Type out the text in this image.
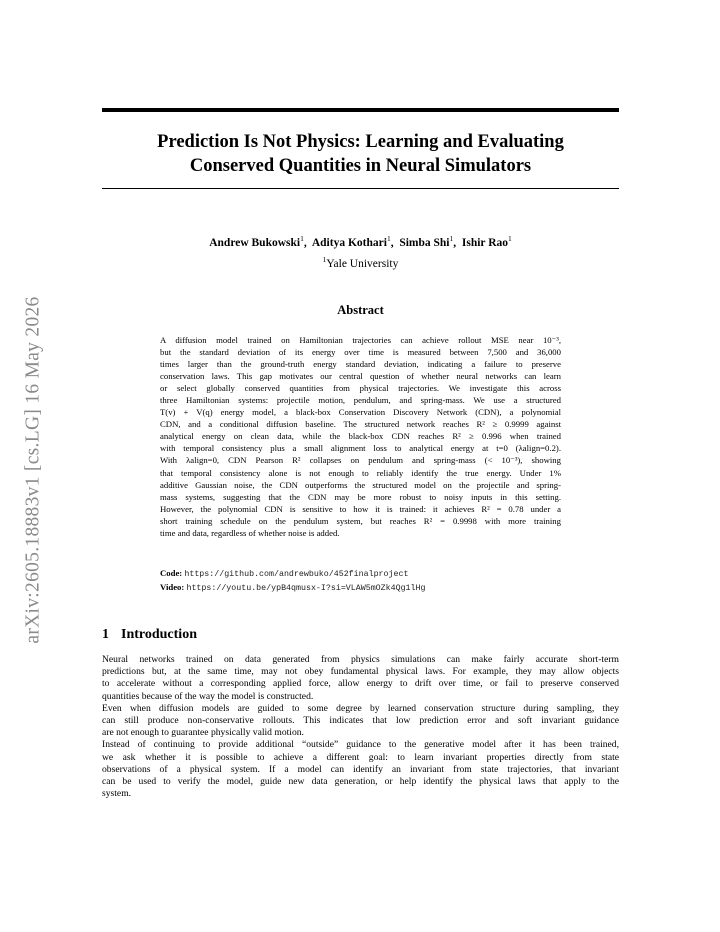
arXiv:2605.18883v1 [cs.LG] 16 May 2026
Prediction Is Not Physics: Learning and Evaluating
Conserved Quantities in Neural Simulators
Andrew Bukowski$^1$,  Aditya Kothari$^1$,  Simba Shi$^1$,  Ishir Rao$^1$
$^1$Yale University
Abstract
A diffusion model trained on Hamiltonian trajectories can achieve rollout MSE near 10⁻³,
but the standard deviation of its energy over time is measured between 7,500 and 36,000
times larger than the ground-truth energy standard deviation, indicating a failure to preserve
conservation laws. This gap motivates our central question of whether neural networks can learn
or select globally conserved quantities from physical trajectories. We investigate this across
three Hamiltonian systems: projectile motion, pendulum, and spring-mass. We use a structured
T(v) + V(q) energy model, a black-box Conservation Discovery Network (CDN), a polynomial
CDN, and a conditional diffusion baseline. The structured network reaches R² ≥ 0.9999 against
analytical energy on clean data, while the black-box CDN reaches R² ≥ 0.996 when trained
with temporal consistency plus a small alignment loss to analytical energy at t=0 (λalign=0.2).
With λalign=0, CDN Pearson R² collapses on pendulum and spring-mass (< 10⁻³), showing
that temporal consistency alone is not enough to reliably identify the true energy. Under 1%
additive Gaussian noise, the CDN outperforms the structured model on the projectile and spring-
mass systems, suggesting that the CDN may be more robust to noisy inputs in this setting.
However, the polynomial CDN is sensitive to how it is trained: it achieves R² = 0.78 under a
short training schedule on the pendulum system, but reaches R² = 0.9998 with more training
time and data, regardless of whether noise is added.
Code: https://github.com/andrewbuko/452finalproject
Video: https://youtu.be/ypB4qmusx-I?si=VLAW5mOZk4Qg1lHg
1 Introduction
Neural networks trained on data generated from physics simulations can make fairly accurate short-term
predictions but, at the same time, may not obey fundamental physical laws. For example, they may allow objects
to accelerate without a corresponding applied force, allow energy to drift over time, or fail to preserve conserved
quantities because of the way the model is constructed.
Even when diffusion models are guided to some degree by learned conservation structure during sampling, they
can still produce non-conservative rollouts. This indicates that low prediction error and soft invariant guidance
are not enough to guarantee physically valid motion.
Instead of continuing to provide additional “outside” guidance to the generative model after it has been trained,
we ask whether it is possible to achieve a different goal: to learn invariant properties directly from state
observations of a physical system. If a model can identify an invariant from state trajectories, that invariant
can be used to verify the model, guide new data generation, or help identify the physical laws that apply to the
system.
